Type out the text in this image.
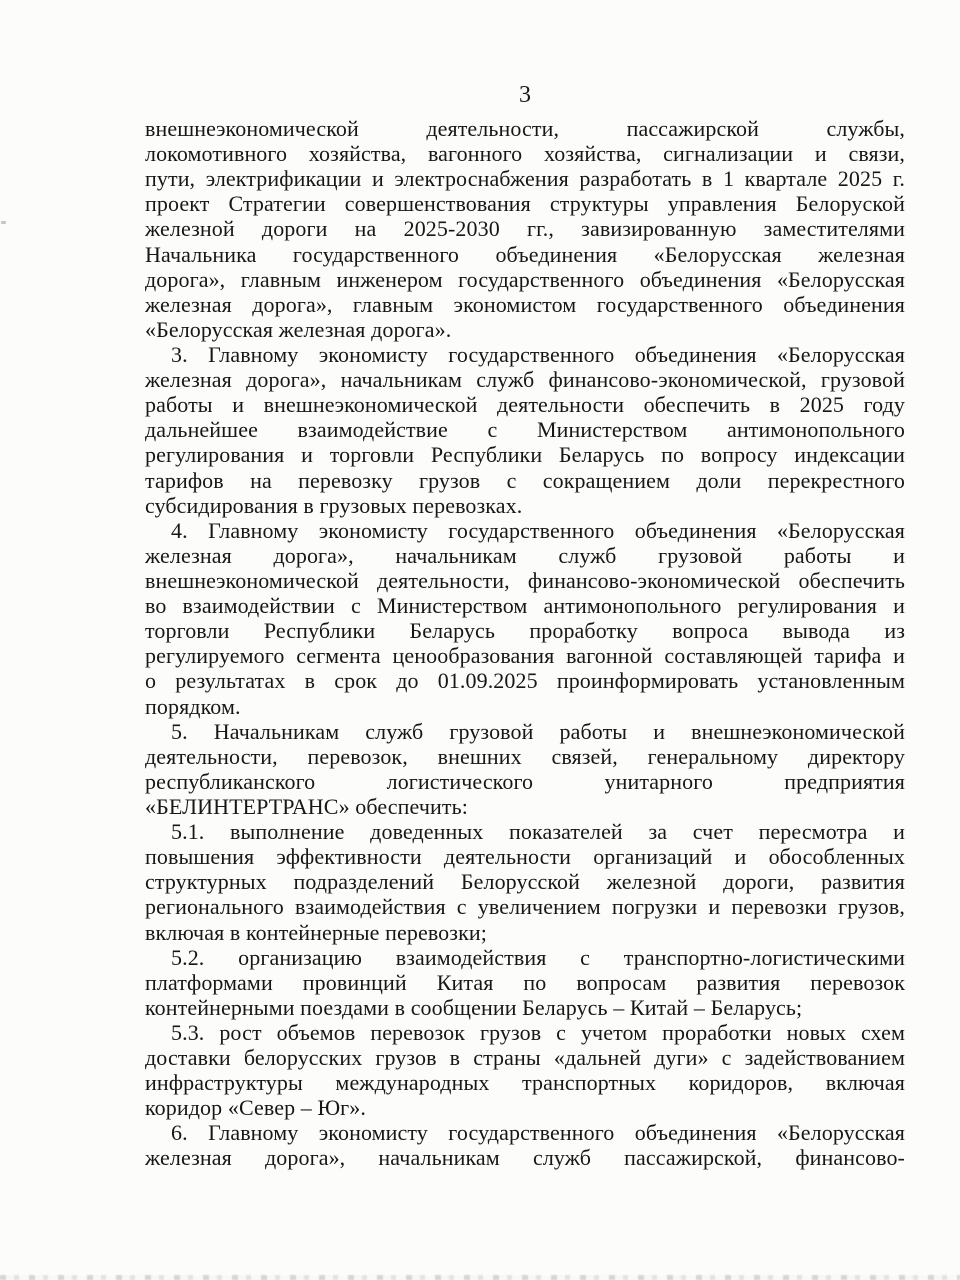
3
внешнеэкономической деятельности, пассажирской службы,
локомотивного хозяйства, вагонного хозяйства, сигнализации и связи,
пути, электрификации и электроснабжения разработать в 1 квартале 2025 г.
проект Стратегии совершенствования структуры управления Белоруской
железной дороги на 2025-2030 гг., завизированную заместителями
Начальника государственного объединения «Белорусская железная
дорога», главным инженером государственного объединения «Белорусская
железная дорога», главным экономистом государственного объединения
«Белорусская железная дорога».
3. Главному экономисту государственного объединения «Белорусская
железная дорога», начальникам служб финансово-экономической, грузовой
работы и внешнеэкономической деятельности обеспечить в 2025 году
дальнейшее взаимодействие с Министерством антимонопольного
регулирования и торговли Республики Беларусь по вопросу индексации
тарифов на перевозку грузов с сокращением доли перекрестного
субсидирования в грузовых перевозках.
4. Главному экономисту государственного объединения «Белорусская
железная дорога», начальникам служб грузовой работы и
внешнеэкономической деятельности, финансово-экономической обеспечить
во взаимодействии с Министерством антимонопольного регулирования и
торговли Республики Беларусь проработку вопроса вывода из
регулируемого сегмента ценообразования вагонной составляющей тарифа и
о результатах в срок до 01.09.2025 проинформировать установленным
порядком.
5. Начальникам служб грузовой работы и внешнеэкономической
деятельности, перевозок, внешних связей, генеральному директору
республиканского логистического унитарного предприятия
«БЕЛИНТЕРТРАНС» обеспечить:
5.1. выполнение доведенных показателей за счет пересмотра и
повышения эффективности деятельности организаций и обособленных
структурных подразделений Белорусской железной дороги, развития
регионального взаимодействия с увеличением погрузки и перевозки грузов,
включая в контейнерные перевозки;
5.2. организацию взаимодействия с транспортно-логистическими
платформами провинций Китая по вопросам развития перевозок
контейнерными поездами в сообщении Беларусь – Китай – Беларусь;
5.3. рост объемов перевозок грузов с учетом проработки новых схем
доставки белорусских грузов в страны «дальней дуги» с задействованием
инфраструктуры международных транспортных коридоров, включая
коридор «Север – Юг».
6. Главному экономисту государственного объединения «Белорусская
железная дорога», начальникам служб пассажирской, финансово-
